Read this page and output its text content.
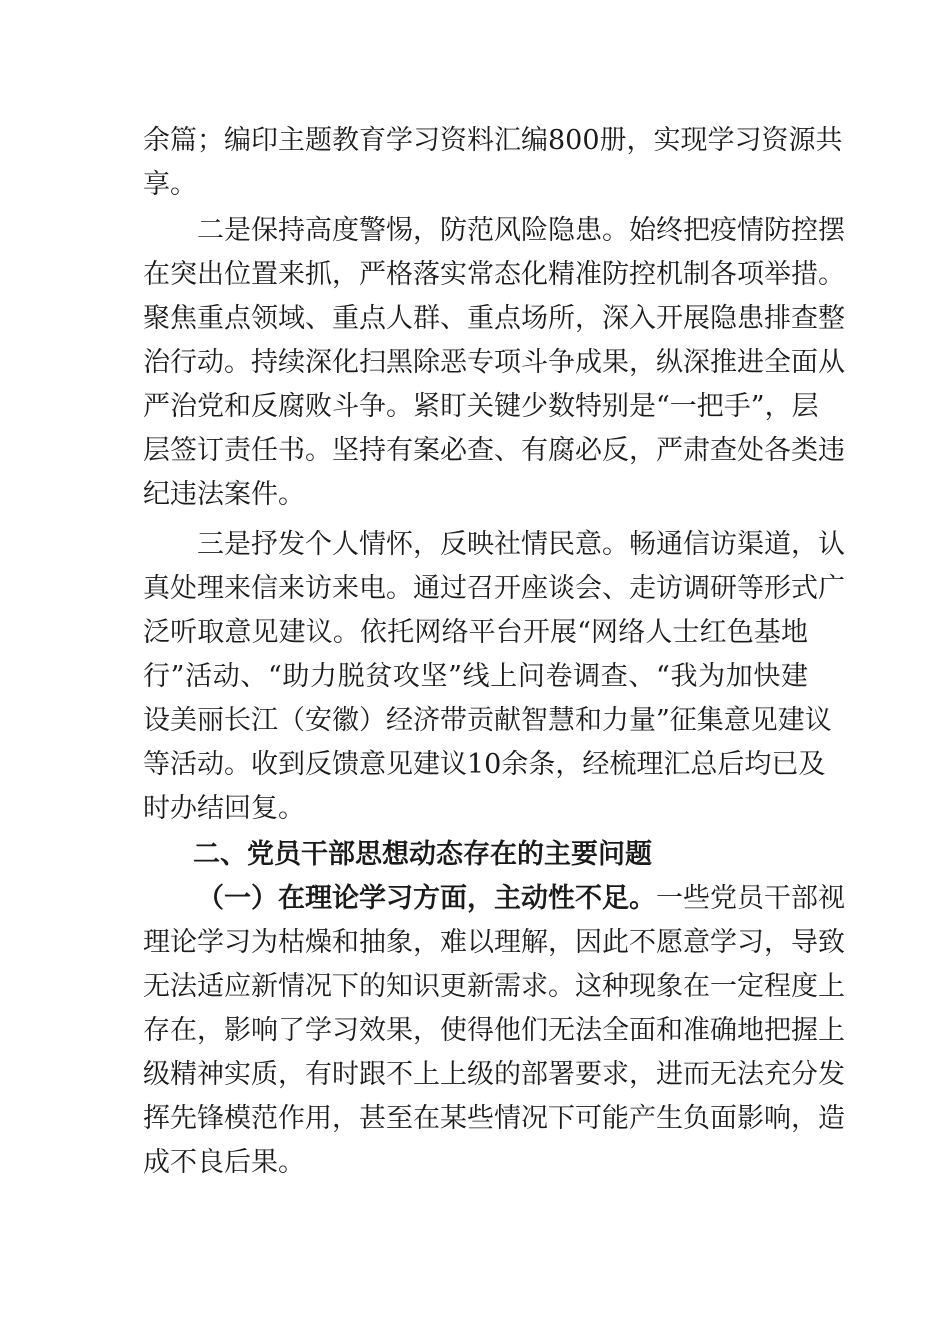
余篇；编印主题教育学习资料汇编800册，实现学习资源共
享。
二是保持高度警惕，防范风险隐患。始终把疫情防控摆
在突出位置来抓，严格落实常态化精准防控机制各项举措。
聚焦重点领域、重点人群、重点场所，深入开展隐患排查整
治行动。持续深化扫黑除恶专项斗争成果，纵深推进全面从
严治党和反腐败斗争。紧盯关键少数特别是“一把手”，层
层签订责任书。坚持有案必查、有腐必反，严肃查处各类违
纪违法案件。
三是抒发个人情怀，反映社情民意。畅通信访渠道，认
真处理来信来访来电。通过召开座谈会、走访调研等形式广
泛听取意见建议。依托网络平台开展“网络人士红色基地
行”活动、“助力脱贫攻坚”线上问卷调查、“我为加快建
设美丽长江（安徽）经济带贡献智慧和力量”征集意见建议
等活动。收到反馈意见建议10余条，经梳理汇总后均已及
时办结回复。
二、党员干部思想动态存在的主要问题
（一）在理论学习方面，主动性不足。一些党员干部视
理论学习为枯燥和抽象，难以理解，因此不愿意学习，导致
无法适应新情况下的知识更新需求。这种现象在一定程度上
存在，影响了学习效果，使得他们无法全面和准确地把握上
级精神实质，有时跟不上上级的部署要求，进而无法充分发
挥先锋模范作用，甚至在某些情况下可能产生负面影响，造
成不良后果。
